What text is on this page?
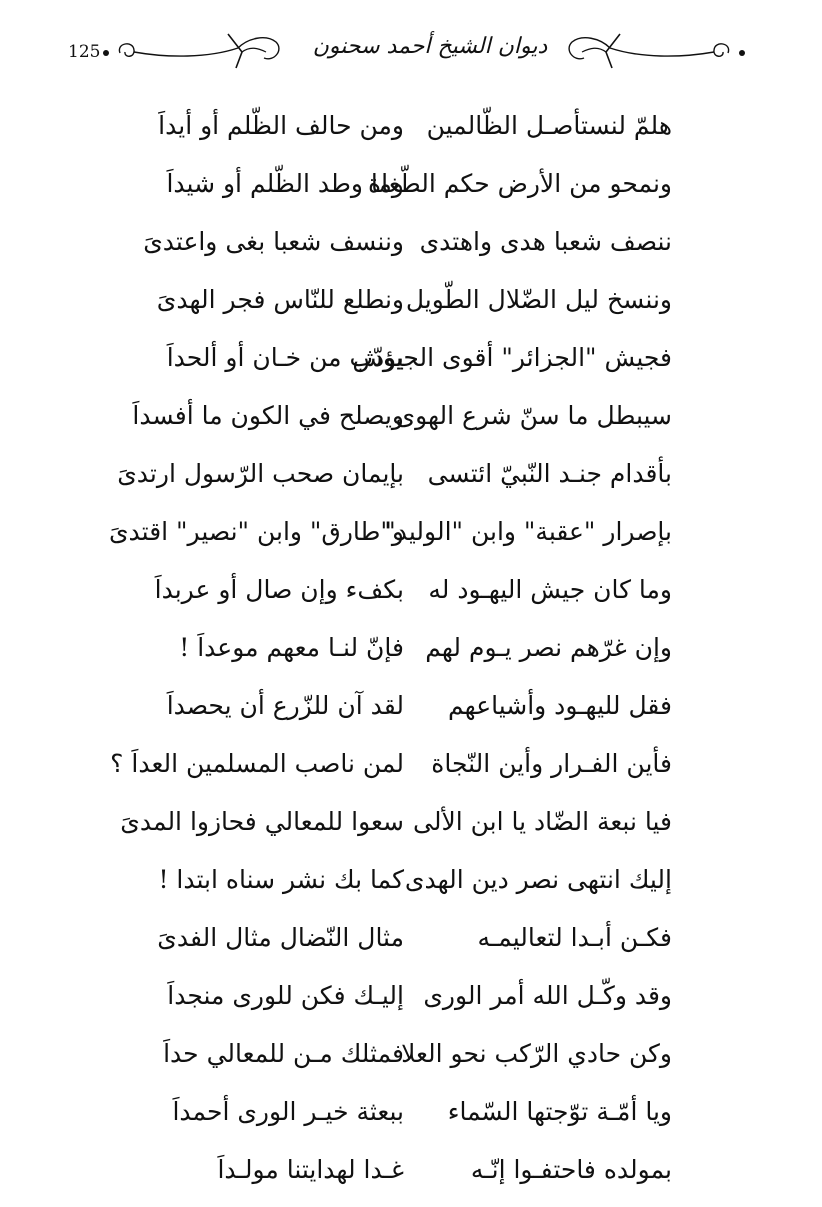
125	ديوان الشيخ أحمد سحنون
هلمّ لنستأصـل الظّالمين
ومن حالف الظّلم أو أيداَ
ونمحو من الأرض حكم الطّغاة
وما وطد الظّلم أو شيداَ
ننصف شعبا هدى واهتدى
وننسف شعبا بغى واعتدىَ
وننسخ ليل الضّلال الطّويل
ونطلع للنّاس فجر الهدىَ
فجيش "الجزائر" أقوى الجيوش
يؤدّب من خـان أو ألحداَ
سيبطل ما سنّ شرع الهوى
ويصلح في الكون ما أفسداَ
بأقدام جنـد النّبيّ ائتسى
بإيمان صحب الرّسول ارتدىَ
بإصرار "عقبة" وابن "الوليد"
و"طارق" وابن "نصير" اقتدىَ
وما كان جيش اليهـود له
بكفء وإن صال أو عربداَ
وإن غرّهم نصر يـوم لهم
فإنّ لنـا معهم موعداَ !
فقل لليهـود وأشياعهم
لقد آن للزّرع أن يحصداَ
فأين الفـرار وأين النّجاة
لمن ناصب المسلمين العداَ ؟
فيا نبعة الضّاد يا ابن الألى
سعوا للمعالي فحازوا المدىَ
إليك انتهى نصر دين الهدى
كما بك نشر سناه ابتدا !
فكـن أبـدا لتعاليمـه
مثال النّضال مثال الفدىَ
وقد وكّـل الله أمر الورى
إليـك فكن للورى منجداَ
وكن حادي الرّكب نحو العلا
فمثلك مـن للمعالي حداَ
ويا أمّـة توّجتها السّماء
ببعثة خيـر الورى أحمداَ
بمولده فاحتفـوا إنّـه
غـدا لهدايتنا مولـداَ
